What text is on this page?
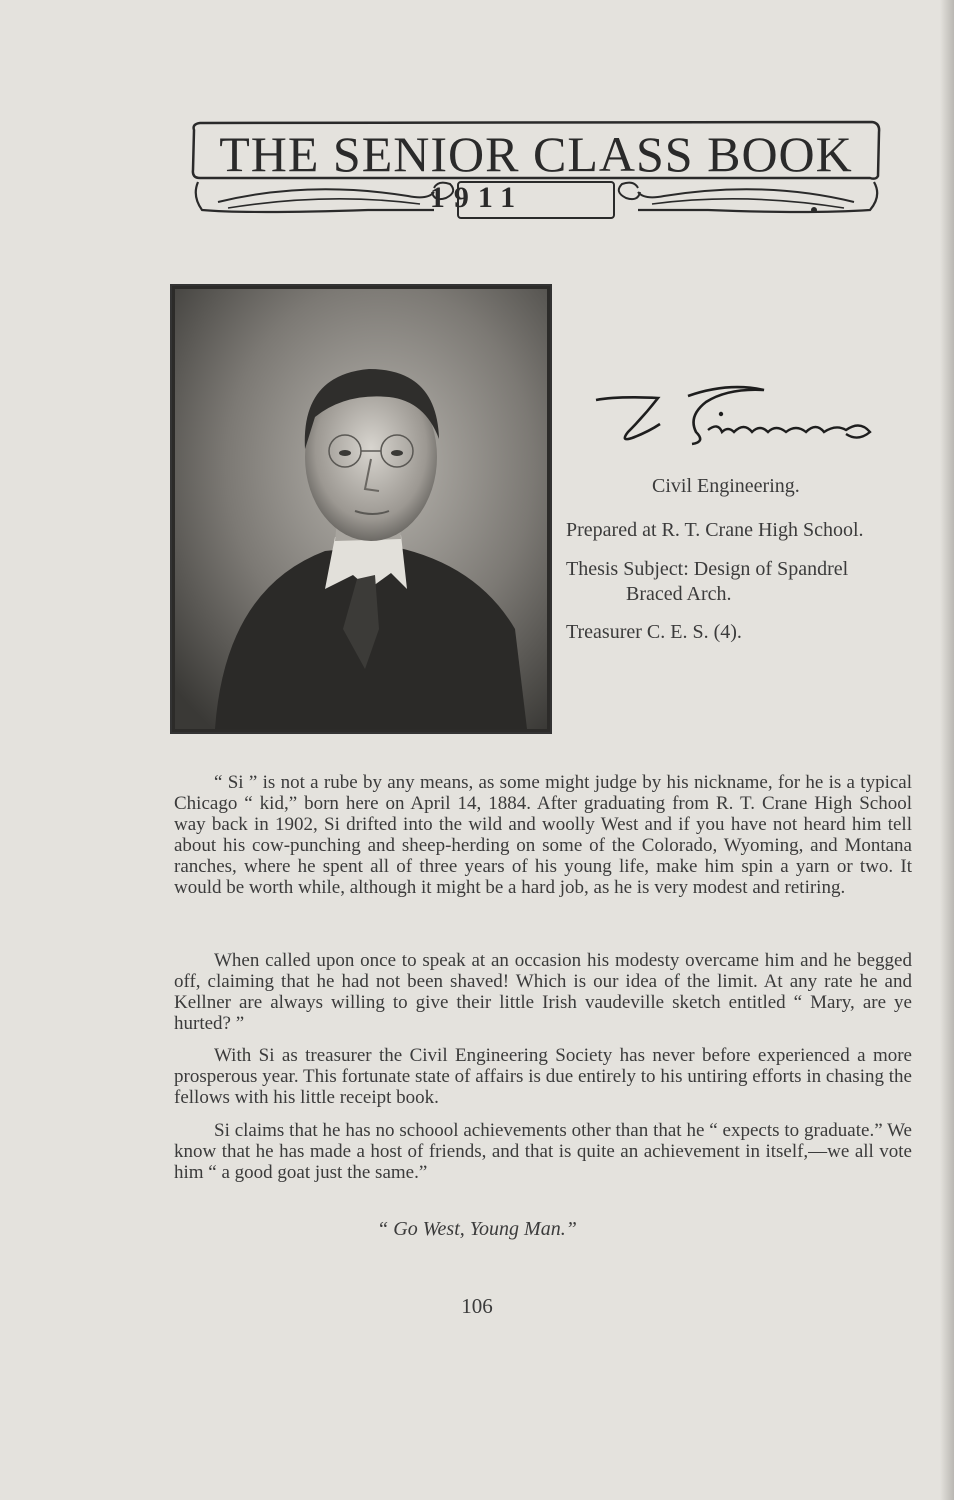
THE SENIOR CLASS BOOK
1911
Civil Engineering.
Prepared at R. T. Crane High School.
Thesis Subject: Design of Spandrel
Braced Arch.
Treasurer C. E. S. (4).

“ Si ” is not a rube by any means, as some might judge by his nickname, for he is a typical Chicago “ kid,” born here on April 14, 1884. After graduating from R. T. Crane High School way back in 1902, Si drifted into the wild and woolly West and if you have not heard him tell about his cow-punching and sheep-herding on some of the Colorado, Wyoming, and Montana ranches, where he spent all of three years of his young life, make him spin a yarn or two. It would be worth while, although it might be a hard job, as he is very modest and retiring.

When called upon once to speak at an occasion his modesty overcame him and he begged off, claiming that he had not been shaved! Which is our idea of the limit. At any rate he and Kellner are always willing to give their little Irish vaudeville sketch entitled “ Mary, are ye hurted? ”

With Si as treasurer the Civil Engineering Society has never before experienced a more prosperous year. This fortunate state of affairs is due entirely to his untiring efforts in chasing the fellows with his little receipt book.

Si claims that he has no schoool achievements other than that he “ expects to graduate.” We know that he has made a host of friends, and that is quite an achievement in itself,—we all vote him “ a good goat just the same.”

“ Go West, Young Man.”
106
